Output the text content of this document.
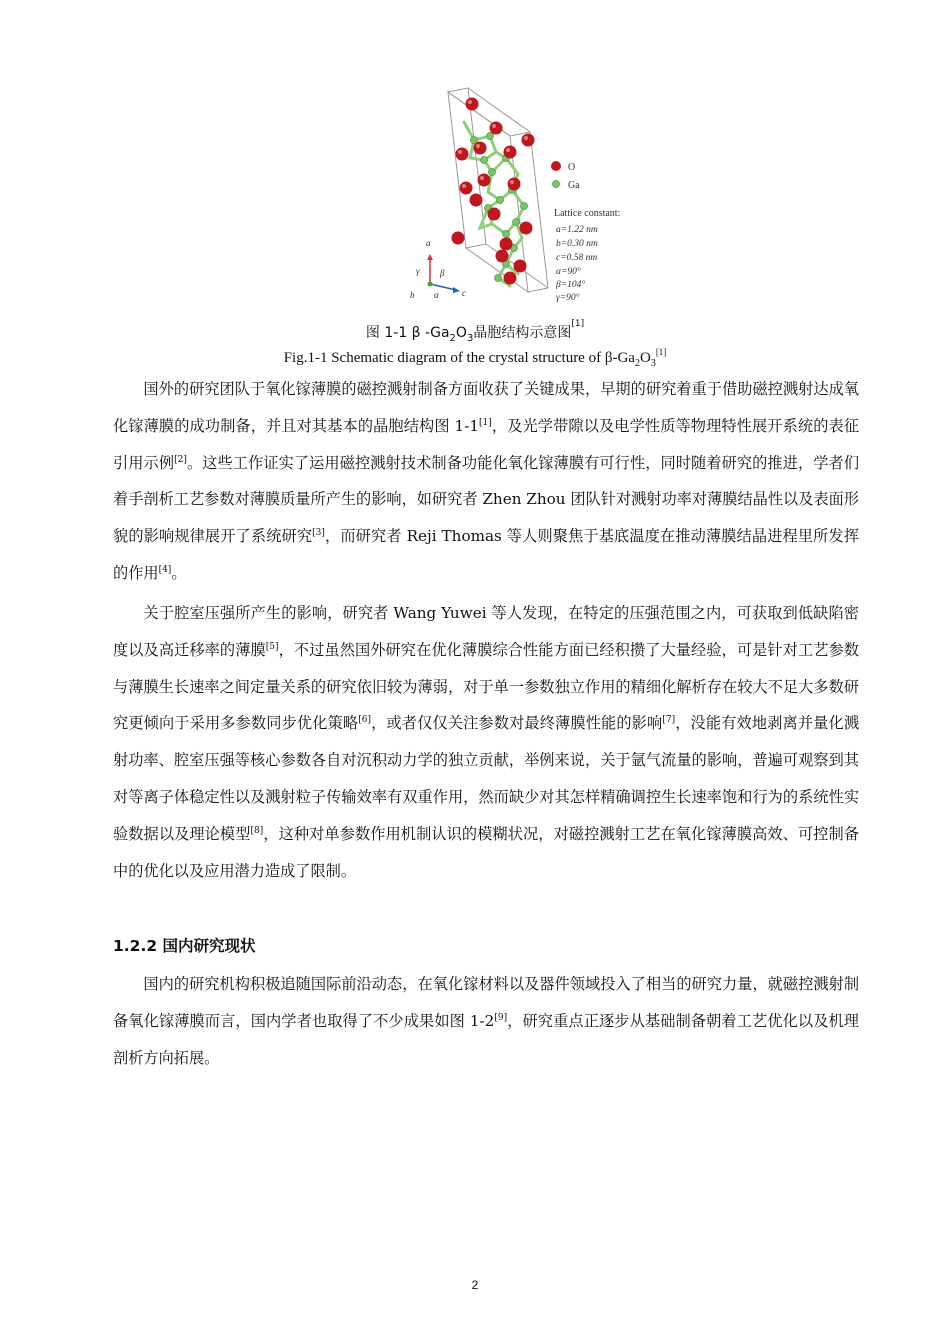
O
Ga
Lattice constant:
a=1.22 nm
b=0.30 nm
c=0.58 nm
α=90°
β=104°
γ=90°
a
γ β
b α	c
图 1-1 β $-Ga_2O_3$晶胞结构示意图[1]
Fig.1-1 Schematic diagram of the crystal structure of $\beta-Ga_2O_3[1]$

国外的研究团队于氧化镓薄膜的磁控溅射制备方面收获了关键成果，早期的研究着重于借助磁控溅射达成氧化镓薄膜的成功制备，并且对其基本的晶胞结构图 1-1[1]，及光学带隙以及电学性质等物理特性展开系统的表征引用示例[2]。这些工作证实了运用磁控溅射技术制备功能化氧化镓薄膜有可行性，同时随着研究的推进，学者们着手剖析工艺参数对薄膜质量所产生的影响，如研究者 Zhen Zhou 团队针对溅射功率对薄膜结晶性以及表面形貌的影响规律展开了系统研究[3]，而研究者 Reji Thomas 等人则聚焦于基底温度在推动薄膜结晶进程里所发挥的作用[4]。

关于腔室压强所产生的影响，研究者 Wang Yuwei 等人发现，在特定的压强范围之内，可获取到低缺陷密度以及高迁移率的薄膜[5]，不过虽然国外研究在优化薄膜综合性能方面已经积攒了大量经验，可是针对工艺参数与薄膜生长速率之间定量关系的研究依旧较为薄弱，对于单一参数独立作用的精细化解析存在较大不足大多数研究更倾向于采用多参数同步优化策略[6]，或者仅仅关注参数对最终薄膜性能的影响[7]，没能有效地剥离并量化溅射功率、腔室压强等核心参数各自对沉积动力学的独立贡献，举例来说，关于氩气流量的影响，普遍可观察到其对等离子体稳定性以及溅射粒子传输效率有双重作用，然而缺少对其怎样精确调控生长速率饱和行为的系统性实验数据以及理论模型[8]，这种对单参数作用机制认识的模糊状况，对磁控溅射工艺在氧化镓薄膜高效、可控制备中的优化以及应用潜力造成了限制。

1.2.2 国内研究现状

国内的研究机构积极追随国际前沿动态，在氧化镓材料以及器件领域投入了相当的研究力量，就磁控溅射制备氧化镓薄膜而言，国内学者也取得了不少成果如图 1-2[9]，研究重点正逐步从基础制备朝着工艺优化以及机理剖析方向拓展。

2
